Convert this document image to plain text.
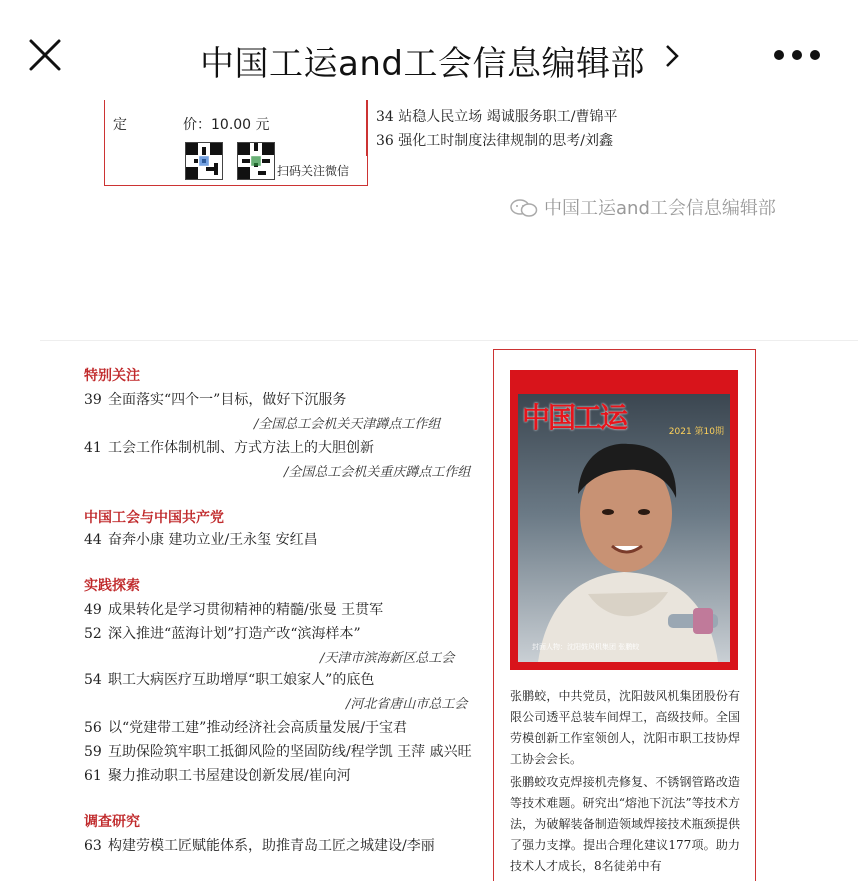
中国工运and工会信息编辑部
定	价：10.00 元
扫码关注微信
34 站稳人民立场 竭诚服务职工/曹锦平
36 强化工时制度法律规制的思考/刘鑫
中国工运and工会信息编辑部
特别关注
39 全面落实“四个一”目标，做好下沉服务
/全国总工会机关天津蹲点工作组
41 工会工作体制机制、方式方法上的大胆创新
/全国总工会机关重庆蹲点工作组
中国工会与中国共产党
44 奋奔小康 建功立业/王永玺 安红昌
实践探索
49 成果转化是学习贯彻精神的精髓/张曼 王贯军
52 深入推进“蓝海计划”打造产改“滨海样本”
/天津市滨海新区总工会
54 职工大病医疗互助增厚“职工娘家人”的底色
/河北省唐山市总工会
56 以“党建带工建”推动经济社会高质量发展/于宝君
59 互助保险筑牢职工抵御风险的坚固防线/程学凯 王萍 戚兴旺
61 聚力推动职工书屋建设创新发展/崔向河
调查研究
63 构建劳模工匠赋能体系，助推青岛工匠之城建设/李丽
封面人物：沈阳鼓风机集团 张鹏蛟
中国工运	2021 第10期
张鹏蛟，中共党员，沈阳鼓风机集团股份有限公司透平总装车间焊工，高级技师。全国劳模创新工作室领创人，沈阳市职工技协焊工协会会长。
张鹏蛟攻克焊接机壳修复、不锈钢管路改造等技术难题。研究出“熔池下沉法”等技术方法，为破解装备制造领域焊接技术瓶颈提供了强力支撑。提出合理化建议177项。助力技术人才成长，8名徒弟中有
